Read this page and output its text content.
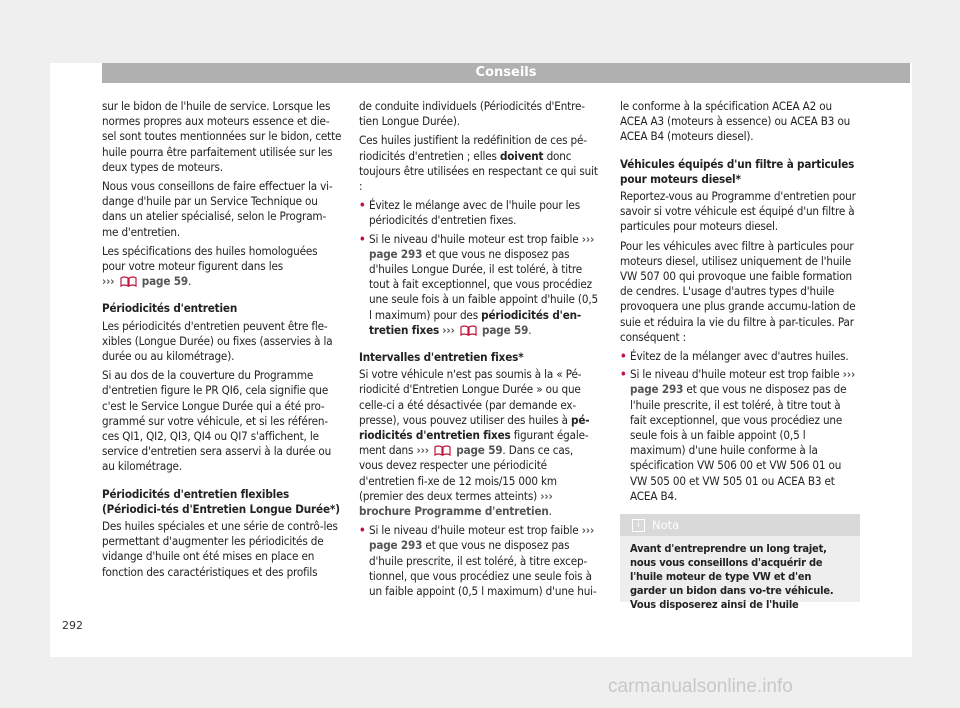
Conseils

sur le bidon de l'huile de service. Lorsque les normes propres aux moteurs essence et die-sel sont toutes mentionnées sur le bidon, cette huile pourra être parfaitement utilisée sur les deux types de moteurs.

Nous vous conseillons de faire effectuer la vi-dange d'huile par un Service Technique ou dans un atelier spécialisé, selon le Program-me d'entretien.

Les spécifications des huiles homologuées pour votre moteur figurent dans les
››› page 59.

Périodicités d'entretien

Les périodicités d'entretien peuvent être fle-xibles (Longue Durée) ou fixes (asservies à la durée ou au kilométrage).

Si au dos de la couverture du Programme d'entretien figure le PR QI6, cela signifie que c'est le Service Longue Durée qui a été pro-grammé sur votre véhicule, et si les référen-ces QI1, QI2, QI3, QI4 ou QI7 s'affichent, le service d'entretien sera asservi à la durée ou au kilométrage.

Périodicités d'entretien flexibles (Périodici-tés d'Entretien Longue Durée*)

Des huiles spéciales et une série de contrô-les permettant d'augmenter les périodicités de vidange d'huile ont été mises en place en fonction des caractéristiques et des profils

de conduite individuels (Périodicités d'Entre-tien Longue Durée).

Ces huiles justifient la redéfinition de ces pé-riodicités d'entretien ; elles doivent donc toujours être utilisées en respectant ce qui suit :

• Évitez le mélange avec de l'huile pour les périodicités d'entretien fixes.
• Si le niveau d'huile moteur est trop faible ››› page 293 et que vous ne disposez pas d'huiles Longue Durée, il est toléré, à titre tout à fait exceptionnel, que vous procédiez une seule fois à un faible appoint d'huile (0,5 l maximum) pour des périodicités d'en-tretien fixes ››› page 59.
Intervalles d'entretien fixes*

Si votre véhicule n'est pas soumis à la « Pé-riodicité d'Entretien Longue Durée » ou que celle-ci a été désactivée (par demande ex-presse), vous pouvez utiliser des huiles à pé-riodicités d'entretien fixes figurant égale-ment dans ››› page 59. Dans ce cas, vous devez respecter une périodicité d'entretien fi-xe de 12 mois/15 000 km (premier des deux termes atteints) ››› brochure Programme d'entretien.

• Si le niveau d'huile moteur est trop faible ››› page 293 et que vous ne disposez pas d'huile prescrite, il est toléré, à titre excep-tionnel, que vous procédiez une seule fois à un faible appoint (0,5 l maximum) d'une hui-

le conforme à la spécification ACEA A2 ou ACEA A3 (moteurs à essence) ou ACEA B3 ou ACEA B4 (moteurs diesel).

Véhicules équipés d'un filtre à particules pour moteurs diesel*

Reportez-vous au Programme d'entretien pour savoir si votre véhicule est équipé d'un filtre à particules pour moteurs diesel.

Pour les véhicules avec filtre à particules pour moteurs diesel, utilisez uniquement de l'huile VW 507 00 qui provoque une faible formation de cendres. L'usage d'autres types d'huile provoquera une plus grande accumu-lation de suie et réduira la vie du filtre à par-ticules. Par conséquent :

• Évitez de la mélanger avec d'autres huiles.
• Si le niveau d'huile moteur est trop faible ››› page 293 et que vous ne disposez pas de l'huile prescrite, il est toléré, à titre tout à fait exceptionnel, que vous procédiez une seule fois à un faible appoint (0,5 l maximum) d'une huile conforme à la spécification VW 506 00 et VW 506 01 ou VW 505 00 et VW 505 01 ou ACEA B3 et ACEA B4.
i	Nota
Avant d'entreprendre un long trajet, nous vous conseillons d'acquérir de l'huile moteur de type VW et d'en garder un bidon dans vo-tre véhicule. Vous disposerez ainsi de l'huile
292
carmanualsonline.info
